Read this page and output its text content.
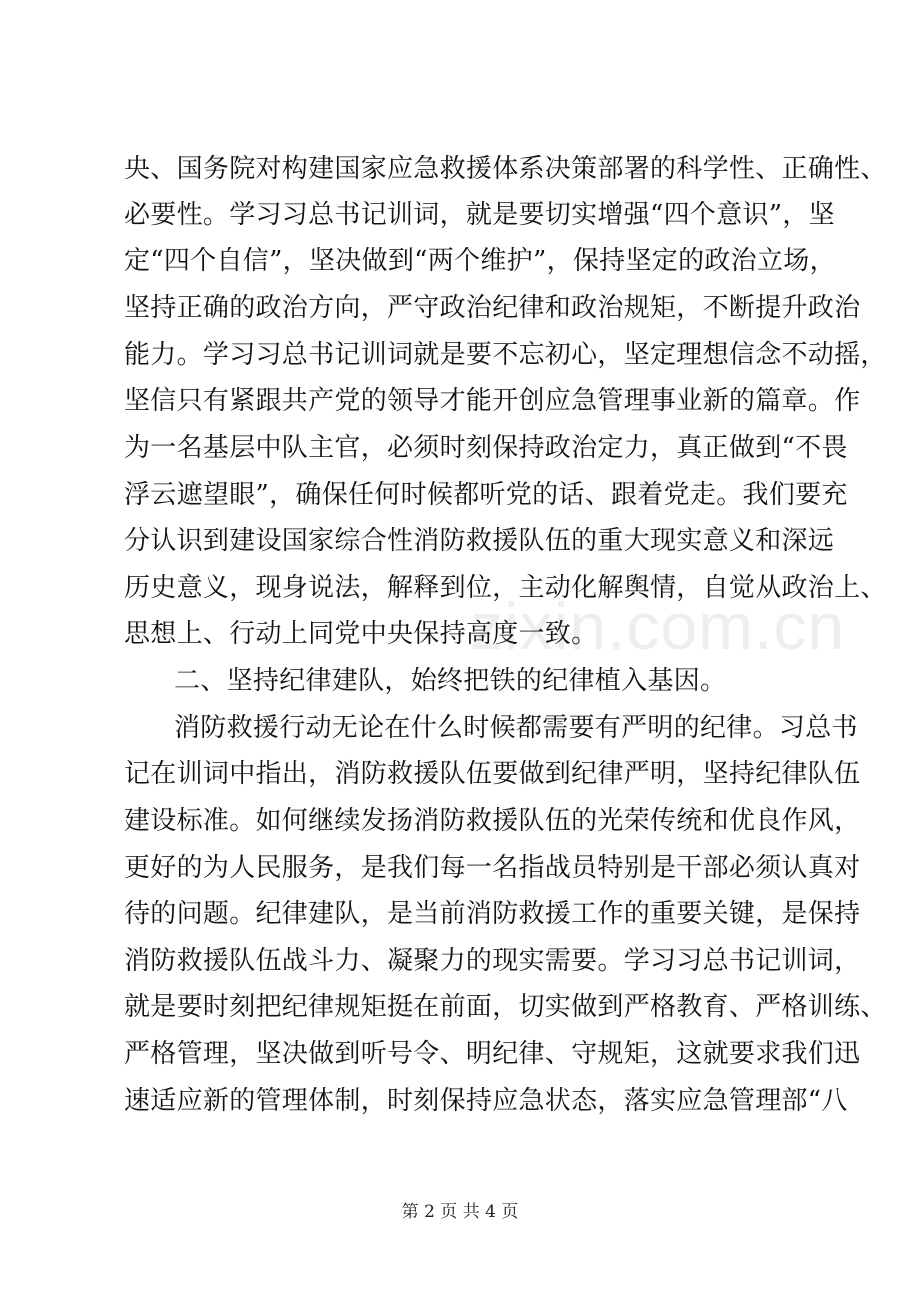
zixin.com.cn
央、国务院对构建国家应急救援体系决策部署的科学性、正确性、
必要性。学习习总书记训词，就是要切实增强“四个意识”，坚
定“四个自信”，坚决做到“两个维护”，保持坚定的政治立场，
坚持正确的政治方向，严守政治纪律和政治规矩，不断提升政治
能力。学习习总书记训词就是要不忘初心，坚定理想信念不动摇，
坚信只有紧跟共产党的领导才能开创应急管理事业新的篇章。作
为一名基层中队主官，必须时刻保持政治定力，真正做到“不畏
浮云遮望眼”，确保任何时候都听党的话、跟着党走。我们要充
分认识到建设国家综合性消防救援队伍的重大现实意义和深远
历史意义，现身说法，解释到位，主动化解舆情，自觉从政治上、
思想上、行动上同党中央保持高度一致。
二、坚持纪律建队，始终把铁的纪律植入基因。
消防救援行动无论在什么时候都需要有严明的纪律。习总书
记在训词中指出，消防救援队伍要做到纪律严明，坚持纪律队伍
建设标准。如何继续发扬消防救援队伍的光荣传统和优良作风，
更好的为人民服务，是我们每一名指战员特别是干部必须认真对
待的问题。纪律建队，是当前消防救援工作的重要关键，是保持
消防救援队伍战斗力、凝聚力的现实需要。学习习总书记训词，
就是要时刻把纪律规矩挺在前面，切实做到严格教育、严格训练、
严格管理，坚决做到听号令、明纪律、守规矩，这就要求我们迅
速适应新的管理体制，时刻保持应急状态，落实应急管理部“八
第 2 页 共 4 页
